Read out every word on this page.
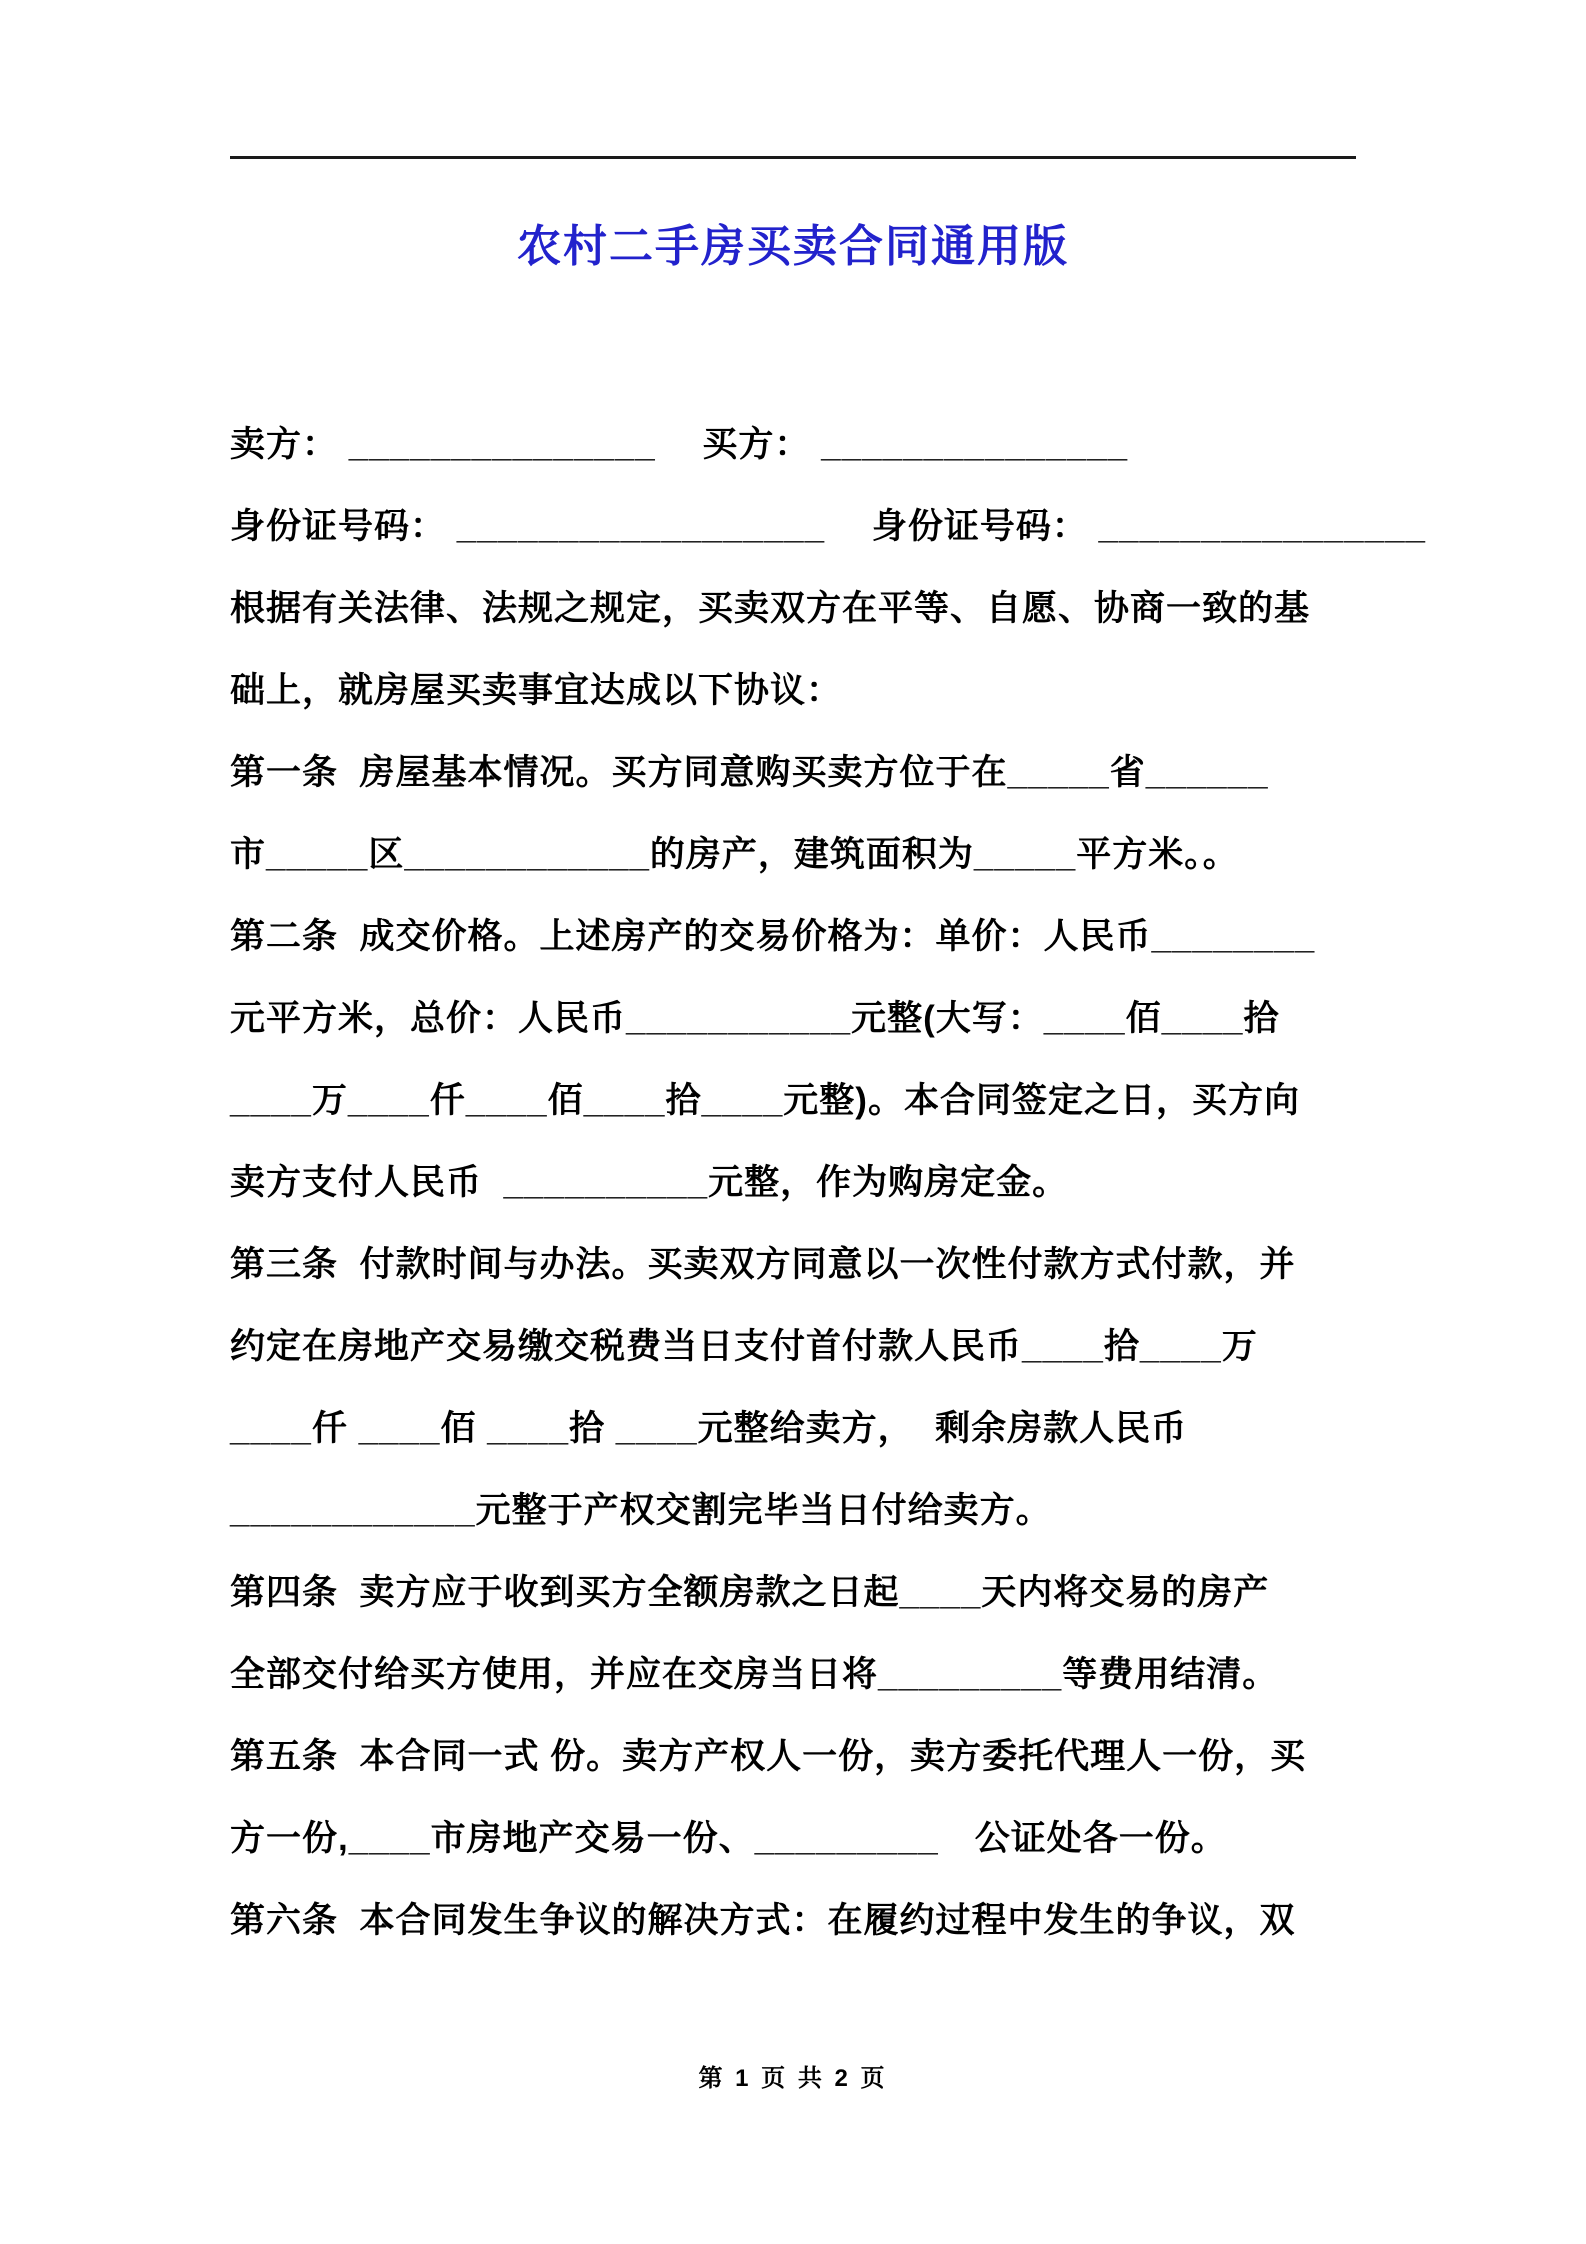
农村二手房买卖合同通用版
卖方： _______________　 买方： _______________
身份证号码： __________________　 身份证号码： ________________
根据有关法律、法规之规定，买卖双方在平等、自愿、协商一致的基
础上，就房屋买卖事宜达成以下协议：
第一条  房屋基本情况。买方同意购买卖方位于在_____省______
市_____区____________的房产，建筑面积为_____平方米。。
第二条  成交价格。上述房产的交易价格为：单价：人民币________
元平方米，总价：人民币___________元整(大写：____佰____拾
____万____仟____佰____拾____元整)。本合同签定之日，买方向
卖方支付人民币  __________元整，作为购房定金。
第三条  付款时间与办法。买卖双方同意以一次性付款方式付款，并
约定在房地产交易缴交税费当日支付首付款人民币____拾____万
____仟 ____佰 ____拾 ____元整给卖方，  剩余房款人民币
____________元整于产权交割完毕当日付给卖方。
第四条  卖方应于收到买方全额房款之日起____天内将交易的房产
全部交付给买方使用，并应在交房当日将_________等费用结清。
第五条  本合同一式 份。卖方产权人一份，卖方委托代理人一份，买
方一份,____市房地产交易一份、_________　公证处各一份。
第六条  本合同发生争议的解决方式：在履约过程中发生的争议，双
第 1 页 共 2 页
